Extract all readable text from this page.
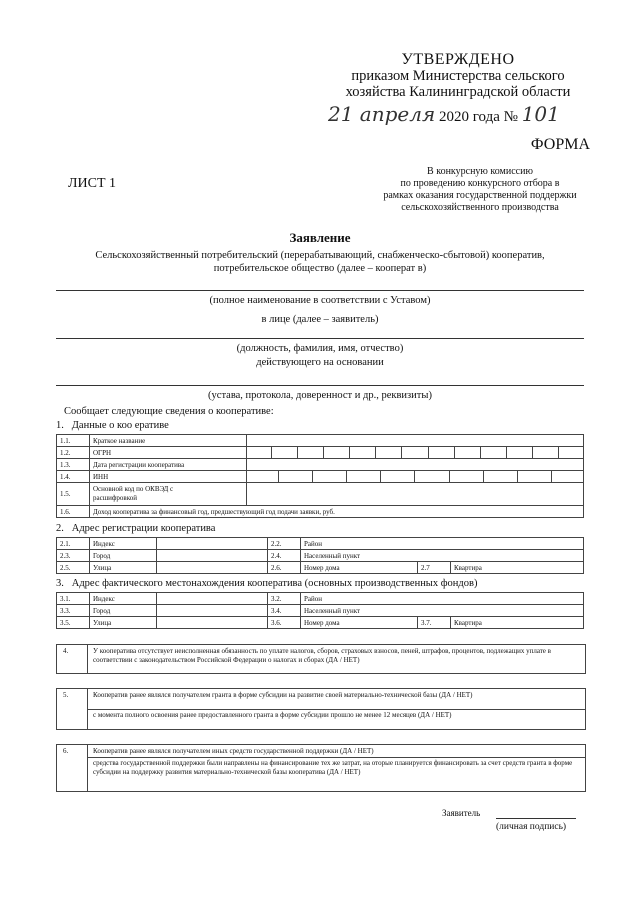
УТВЕРЖДЕНО
приказом Министерства сельского
хозяйства Калининградской области
21 апреля 2020 года № 101
ФОРМА
ЛИСТ 1
В конкурсную комиссию
по проведению конкурсного отбора в
рамках оказания государственной поддержки
сельскохозяйственного производства
Заявление
Сельскохозяйственный потребительский (перерабатывающий, снабженческо-сбытовой) кооператив,
потребительское общество (далее – кооперат в)
(полное наименование в соответствии с Уставом)
в лице (далее – заявитель)
(должность, фамилия, имя, отчество)
действующего на основании
(устава, протокола, доверенност и др., реквизиты)
Сообщает следующие сведения о кооперативе:
1. Данные о коо еративе
1.1.	Краткое название	
1.2.	ОГРН	

1.3.	Дата регистрации кооператива	
1.4.	ИНН	

1.5.	
Основной код по ОКВЭД с
расшифровкой

1.6.	Доход кооператива за финансовый год, предшествующий год подачи заявки, руб.
2. Адрес регистрации кооператива
2.1.	Индекс		2.2.	Район		
2.3.	Город		2.4.	Населенный пункт		
2.5.	Улица		2.6.	Номер дома	2.7	Квартира
3. Адрес фактического местонахождения кооператива (основных производственных фондов)
3.1.	Индекс		3.2.	Район		
3.3.	Город		3.4.	Населенный пункт		
3.5.	Улица		3.6.	Номер дома	3.7.	Квартира
4.	У кооператива отсутствует неисполненная обязанность по уплате налогов, сборов, страховых взносов, пеней, штрафов, процентов, подлежащих уплате в соответствии с законодательством Российской Федерации о налогах и сборах (ДА / НЕТ)
5.	Кооператив ранее являлся получателем гранта в форме субсидии на развитие своей материально-технической базы (ДА / НЕТ)
с момента полного освоения ранее предоставленного гранта в форме субсидии прошло не менее 12 месяцев (ДА / НЕТ)
6.	Кооператив ранее являлся получателем иных средств государственной поддержки (ДА / НЕТ)
средства государственной поддержки были направлены на финансирование тех же затрат, на оторые планируется финансировать за счет средств гранта в форме субсидии на поддержку развития материально-технической базы кооператива (ДА / НЕТ)
Заявитель
(личная подпись)
